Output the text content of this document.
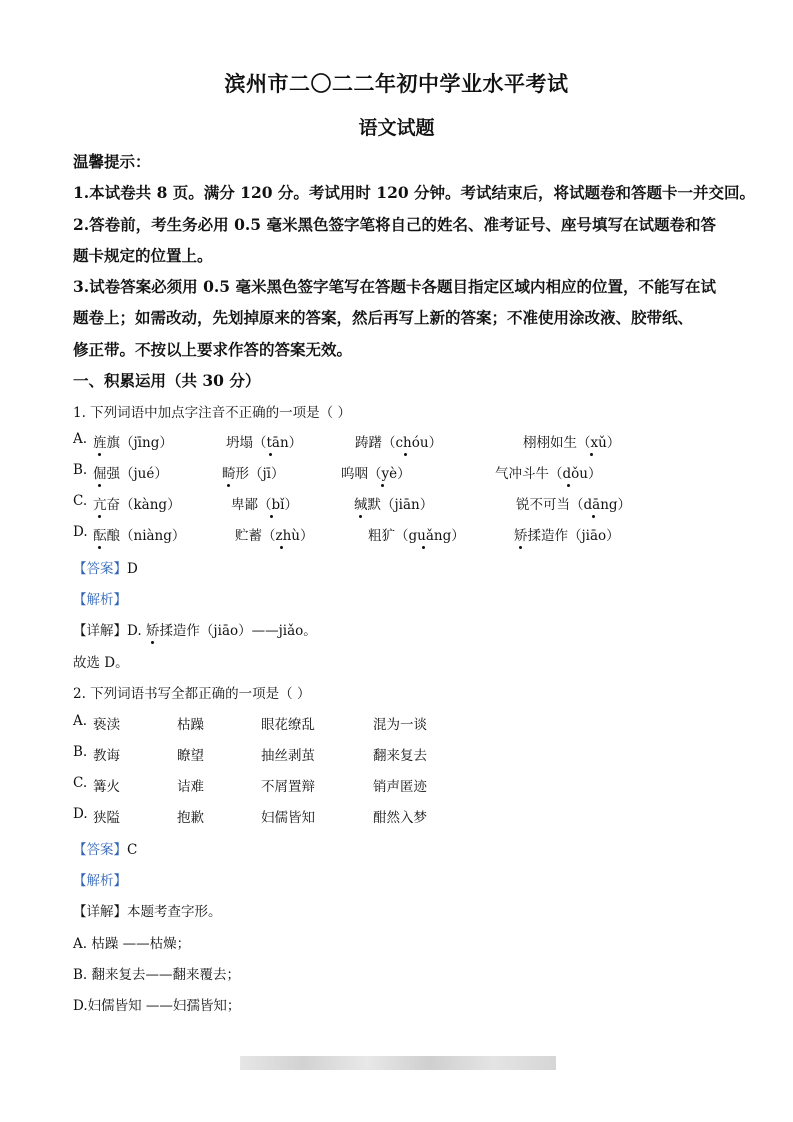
滨州市二〇二二年初中学业水平考试
语文试题
温馨提示：
1.本试卷共 8 页。满分 120 分。考试用时 120 分钟。考试结束后，将试题卷和答题卡一并交回。
2.答卷前，考生务必用 0.5 毫米黑色签字笔将自己的姓名、准考证号、座号填写在试题卷和答
题卡规定的位置上。
3.试卷答案必须用 0.5 毫米黑色签字笔写在答题卡各题目指定区域内相应的位置，不能写在试
题卷上；如需改动，先划掉原来的答案，然后再写上新的答案；不准使用涂改液、胶带纸、
修正带。不按以上要求作答的答案无效。
一、积累运用（共 30 分）
1. 下列词语中加点字注音不正确的一项是（ ）
A. 旌旗（jīng）	坍塌（tān）	踌躇（chóu）	栩栩如生（xǔ）
B. 倔强（jué）	畸形（jī）	呜咽（yè）	气冲斗牛（dǒu）
C. 亢奋（kàng）	卑鄙（bǐ）	缄默（jiān）	锐不可当（dāng）
D. 酝酿（niàng）	贮蓄（zhù）	粗犷（guǎng）	矫揉造作（jiāo）
【答案】D
【解析】
【详解】D. 矫揉造作（jiāo）——jiǎo。
故选 D。
2. 下列词语书写全都正确的一项是（ ）
A. 亵渎	枯躁	眼花缭乱	混为一谈
B. 教诲	瞭望	抽丝剥茧	翻来复去
C. 篝火	诘难	不屑置辩	销声匿迹
D. 狭隘	抱歉	妇儒皆知	酣然入梦
【答案】C
【解析】
【详解】本题考查字形。
A. 枯躁 ——枯燥；
B. 翻来复去——翻来覆去；
D.妇儒皆知 ——妇孺皆知；
